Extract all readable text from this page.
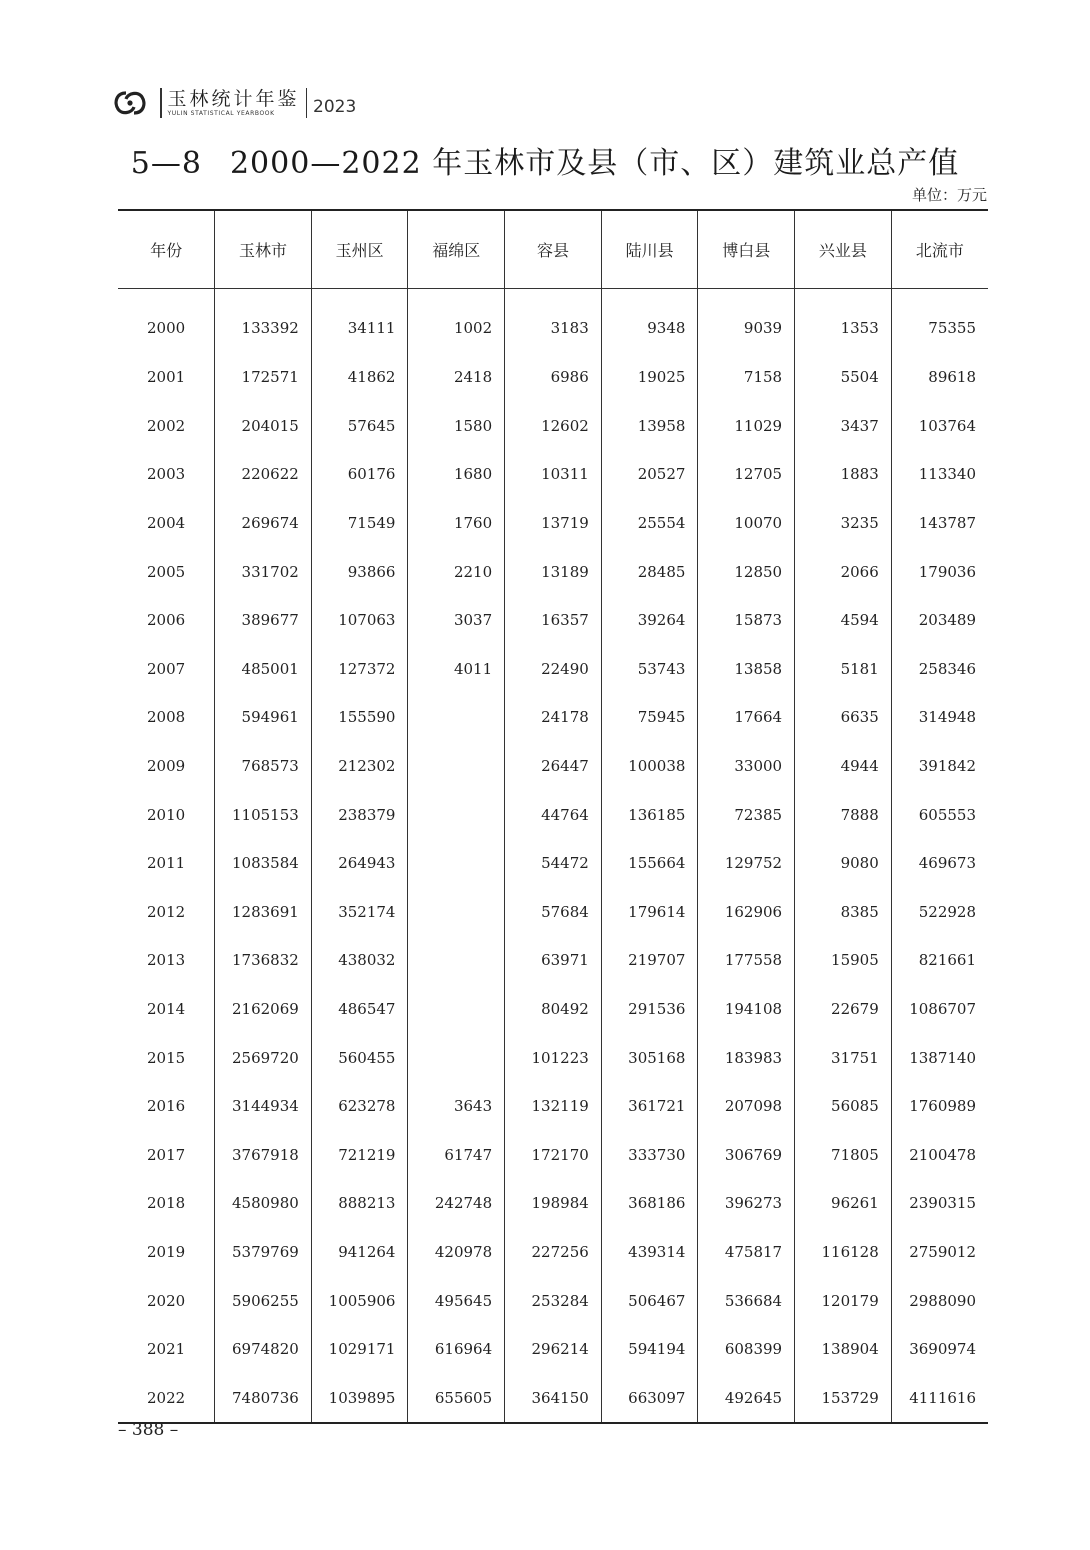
玉林统计年鉴
YULIN STATISTICAL YEARBOOK	2023
5—8 2000—2022 年玉林市及县（市、区）建筑业总产值
单位：万元
年份	玉林市	玉州区	福绵区	容县	陆川县	博白县	兴业县	北流市
2000	133392	34111	1002	3183	9348	9039	1353	75355
2001	172571	41862	2418	6986	19025	7158	5504	89618
2002	204015	57645	1580	12602	13958	11029	3437	103764
2003	220622	60176	1680	10311	20527	12705	1883	113340
2004	269674	71549	1760	13719	25554	10070	3235	143787
2005	331702	93866	2210	13189	28485	12850	2066	179036
2006	389677	107063	3037	16357	39264	15873	4594	203489
2007	485001	127372	4011	22490	53743	13858	5181	258346
2008	594961	155590		24178	75945	17664	6635	314948
2009	768573	212302		26447	100038	33000	4944	391842
2010	1105153	238379		44764	136185	72385	7888	605553
2011	1083584	264943		54472	155664	129752	9080	469673
2012	1283691	352174		57684	179614	162906	8385	522928
2013	1736832	438032		63971	219707	177558	15905	821661
2014	2162069	486547		80492	291536	194108	22679	1086707
2015	2569720	560455		101223	305168	183983	31751	1387140
2016	3144934	623278	3643	132119	361721	207098	56085	1760989
2017	3767918	721219	61747	172170	333730	306769	71805	2100478
2018	4580980	888213	242748	198984	368186	396273	96261	2390315
2019	5379769	941264	420978	227256	439314	475817	116128	2759012
2020	5906255	1005906	495645	253284	506467	536684	120179	2988090
2021	6974820	1029171	616964	296214	594194	608399	138904	3690974
2022	7480736	1039895	655605	364150	663097	492645	153729	4111616
– 388 –
